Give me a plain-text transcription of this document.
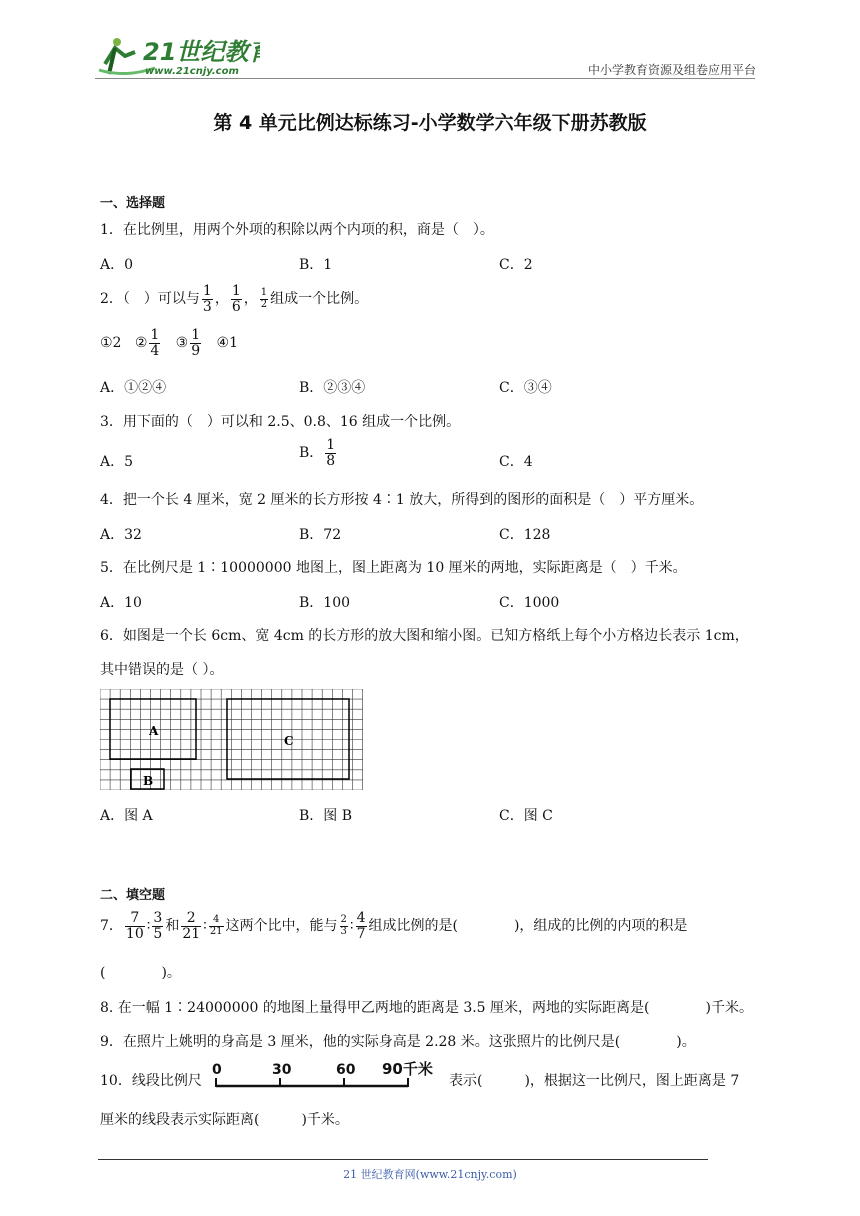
21世纪教育
www.21cnjy.com	中小学教育资源及组卷应用平台
第 4 单元比例达标练习-小学数学六年级下册苏教版
一、选择题
1．在比例里，用两个外项的积除以两个内项的积，商是（　）。
A．0	B．1	C．2
2．（　）可以与 $\frac{1}{3}$ ， $\frac{1}{6}$ ， $\frac{1}{2}$ 组成一个比例。
①2 ② $\frac{1}{4}$ ③ $\frac{1}{9}$ ④1
A．①②④	B．②③④	C．③④
3．用下面的（　）可以和 2.5、0.8、16 组成一个比例。
A．5
B． $\frac{1}{8}$	C．4
4．把一个长 4 厘米，宽 2 厘米的长方形按 4∶1 放大，所得到的图形的面积是（　）平方厘米。
A．32	B．72	C．128
5．在比例尺是 1∶10000000 地图上，图上距离为 10 厘米的两地，实际距离是（　）千米。
A．10	B．100	C．1000
6．如图是一个长 6cm、宽 4cm 的长方形的放大图和缩小图。已知方格纸上每个小方格边长表示 1cm，
其中错误的是（ ）。
A
B
C
A．图 A	B．图 B	C．图 C
二、填空题
7． $\frac{7}{10}$ ∶ $\frac{3}{5}$ 和 $\frac{2}{21}$ ∶ $\frac{4}{21}$ 这两个比中，能与 $\frac{2}{3}$ ∶ $\frac{4}{7}$ 组成比例的是(　　　　)，组成的比例的内项的积是
(　　　　)。
8. 在一幅 1∶24000000 的地图上量得甲乙两地的距离是 3.5 厘米，两地的实际距离是(　　　　)千米。
9．在照片上姚明的身高是 3 厘米，他的实际身高是 2.28 米。这张照片的比例尺是(　　　　)。
10．线段比例尺
0	30	60 90千米
表示(　　　)，根据这一比例尺，图上距离是 7
厘米的线段表示实际距离(　　　)千米。
21 世纪教育网(www.21cnjy.com)
